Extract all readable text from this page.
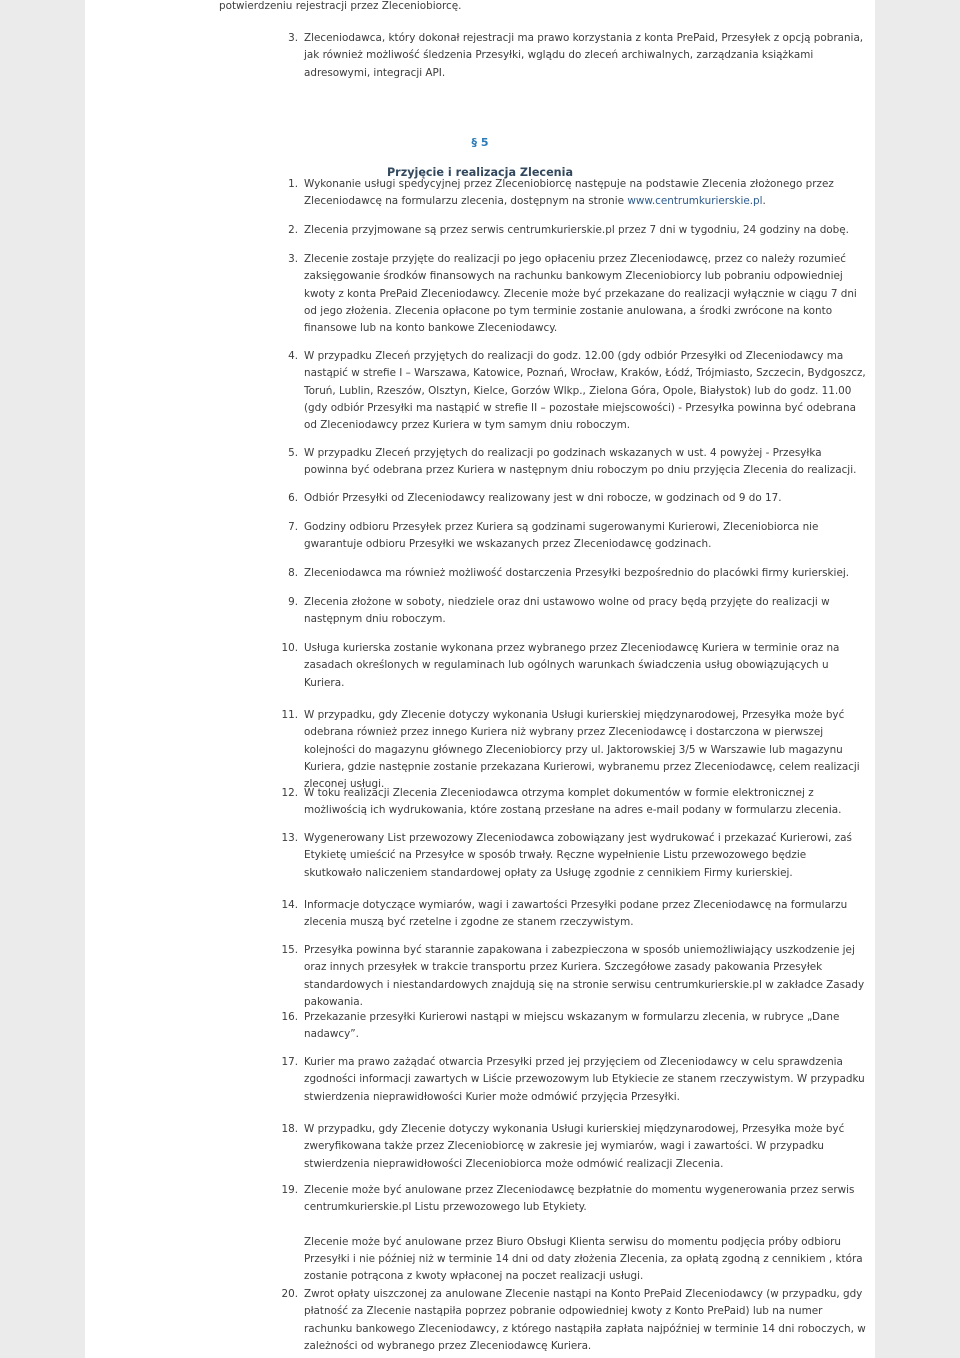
potwierdzeniu rejestracji przez Zleceniobiorcę.
3. Zleceniodawca, który dokonał rejestracji ma prawo korzystania z konta PrePaid, Przesyłek z opcją pobrania, jak również możliwość śledzenia Przesyłki, wglądu do zleceń archiwalnych, zarządzania książkami adresowymi, integracji API.
§ 5
Przyjęcie i realizacja Zlecenia
1. Wykonanie usługi spedycyjnej przez Zleceniobiorcę następuje na podstawie Zlecenia złożonego przez Zleceniodawcę na formularzu zlecenia, dostępnym na stronie www.centrumkurierskie.pl.
2. Zlecenia przyjmowane są przez serwis centrumkurierskie.pl przez 7 dni w tygodniu, 24 godziny na dobę.
3. Zlecenie zostaje przyjęte do realizacji po jego opłaceniu przez Zleceniodawcę, przez co należy rozumieć zaksięgowanie środków finansowych na rachunku bankowym Zleceniobiorcy lub pobraniu odpowiedniej kwoty z konta PrePaid Zleceniodawcy. Zlecenie może być przekazane do realizacji wyłącznie w ciągu 7 dni od jego złożenia. Zlecenia opłacone po tym terminie zostanie anulowana, a środki zwrócone na konto finansowe lub na konto bankowe Zleceniodawcy.
4. W przypadku Zleceń przyjętych do realizacji do godz. 12.00 (gdy odbiór Przesyłki od Zleceniodawcy ma nastąpić w strefie I – Warszawa, Katowice, Poznań, Wrocław, Kraków, Łódź, Trójmiasto, Szczecin, Bydgoszcz, Toruń, Lublin, Rzeszów, Olsztyn, Kielce, Gorzów Wlkp., Zielona Góra, Opole, Białystok) lub do godz. 11.00 (gdy odbiór Przesyłki ma nastąpić w strefie II – pozostałe miejscowości) - Przesyłka powinna być odebrana od Zleceniodawcy przez Kuriera w tym samym dniu roboczym.
5. W przypadku Zleceń przyjętych do realizacji po godzinach wskazanych w ust. 4 powyżej - Przesyłka powinna być odebrana przez Kuriera w następnym dniu roboczym po dniu przyjęcia Zlecenia do realizacji.
6. Odbiór Przesyłki od Zleceniodawcy realizowany jest w dni robocze, w godzinach od 9 do 17.
7. Godziny odbioru Przesyłek przez Kuriera są godzinami sugerowanymi Kurierowi, Zleceniobiorca nie gwarantuje odbioru Przesyłki we wskazanych przez Zleceniodawcę godzinach.
8. Zleceniodawca ma również możliwość dostarczenia Przesyłki bezpośrednio do placówki firmy kurierskiej.
9. Zlecenia złożone w soboty, niedziele oraz dni ustawowo wolne od pracy będą przyjęte do realizacji w następnym dniu roboczym.
10. Usługa kurierska zostanie wykonana przez wybranego przez Zleceniodawcę Kuriera w terminie oraz na zasadach określonych w regulaminach lub ogólnych warunkach świadczenia usług obowiązujących u Kuriera.
11. W przypadku, gdy Zlecenie dotyczy wykonania Usługi kurierskiej międzynarodowej, Przesyłka może być odebrana również przez innego Kuriera niż wybrany przez Zleceniodawcę i dostarczona w pierwszej kolejności do magazynu głównego Zleceniobiorcy przy ul. Jaktorowskiej 3/5 w Warszawie lub magazynu Kuriera, gdzie następnie zostanie przekazana Kurierowi, wybranemu przez Zleceniodawcę, celem realizacji zleconej usługi.
12. W toku realizacji Zlecenia Zleceniodawca otrzyma komplet dokumentów w formie elektronicznej z możliwością ich wydrukowania, które zostaną przesłane na adres e-mail podany w formularzu zlecenia.
13. Wygenerowany List przewozowy Zleceniodawca zobowiązany jest wydrukować i przekazać Kurierowi, zaś Etykietę umieścić na Przesyłce w sposób trwały. Ręczne wypełnienie Listu przewozowego będzie skutkowało naliczeniem standardowej opłaty za Usługę zgodnie z cennikiem Firmy kurierskiej.
14. Informacje dotyczące wymiarów, wagi i zawartości Przesyłki podane przez Zleceniodawcę na formularzu zlecenia muszą być rzetelne i zgodne ze stanem rzeczywistym.
15. Przesyłka powinna być starannie zapakowana i zabezpieczona w sposób uniemożliwiający uszkodzenie jej oraz innych przesyłek w trakcie transportu przez Kuriera. Szczegółowe zasady pakowania Przesyłek standardowych i niestandardowych znajdują się na stronie serwisu centrumkurierskie.pl w zakładce Zasady pakowania.
16. Przekazanie przesyłki Kurierowi nastąpi w miejscu wskazanym w formularzu zlecenia, w rubryce „Dane nadawcy”.
17. Kurier ma prawo zażądać otwarcia Przesyłki przed jej przyjęciem od Zleceniodawcy w celu sprawdzenia zgodności informacji zawartych w Liście przewozowym lub Etykiecie ze stanem rzeczywistym. W przypadku stwierdzenia nieprawidłowości Kurier może odmówić przyjęcia Przesyłki.
18. W przypadku, gdy Zlecenie dotyczy wykonania Usługi kurierskiej międzynarodowej, Przesyłka może być zweryfikowana także przez Zleceniobiorcę w zakresie jej wymiarów, wagi i zawartości. W przypadku stwierdzenia nieprawidłowości Zleceniobiorca może odmówić realizacji Zlecenia.
19. Zlecenie może być anulowane przez Zleceniodawcę bezpłatnie do momentu wygenerowania przez serwis centrumkurierskie.pl Listu przewozowego lub Etykiety.
Zlecenie może być anulowane przez Biuro Obsługi Klienta serwisu do momentu podjęcia próby odbioru Przesyłki i nie później niż w terminie 14 dni od daty złożenia Zlecenia, za opłatą zgodną z cennikiem , która zostanie potrącona z kwoty wpłaconej na poczet realizacji usługi.
20. Zwrot opłaty uiszczonej za anulowane Zlecenie nastąpi na Konto PrePaid Zleceniodawcy (w przypadku, gdy płatność za Zlecenie nastąpiła poprzez pobranie odpowiedniej kwoty z Konto PrePaid) lub na numer rachunku bankowego Zleceniodawcy, z którego nastąpiła zapłata najpóźniej w terminie 14 dni roboczych, w zależności od wybranego przez Zleceniodawcę Kuriera.
